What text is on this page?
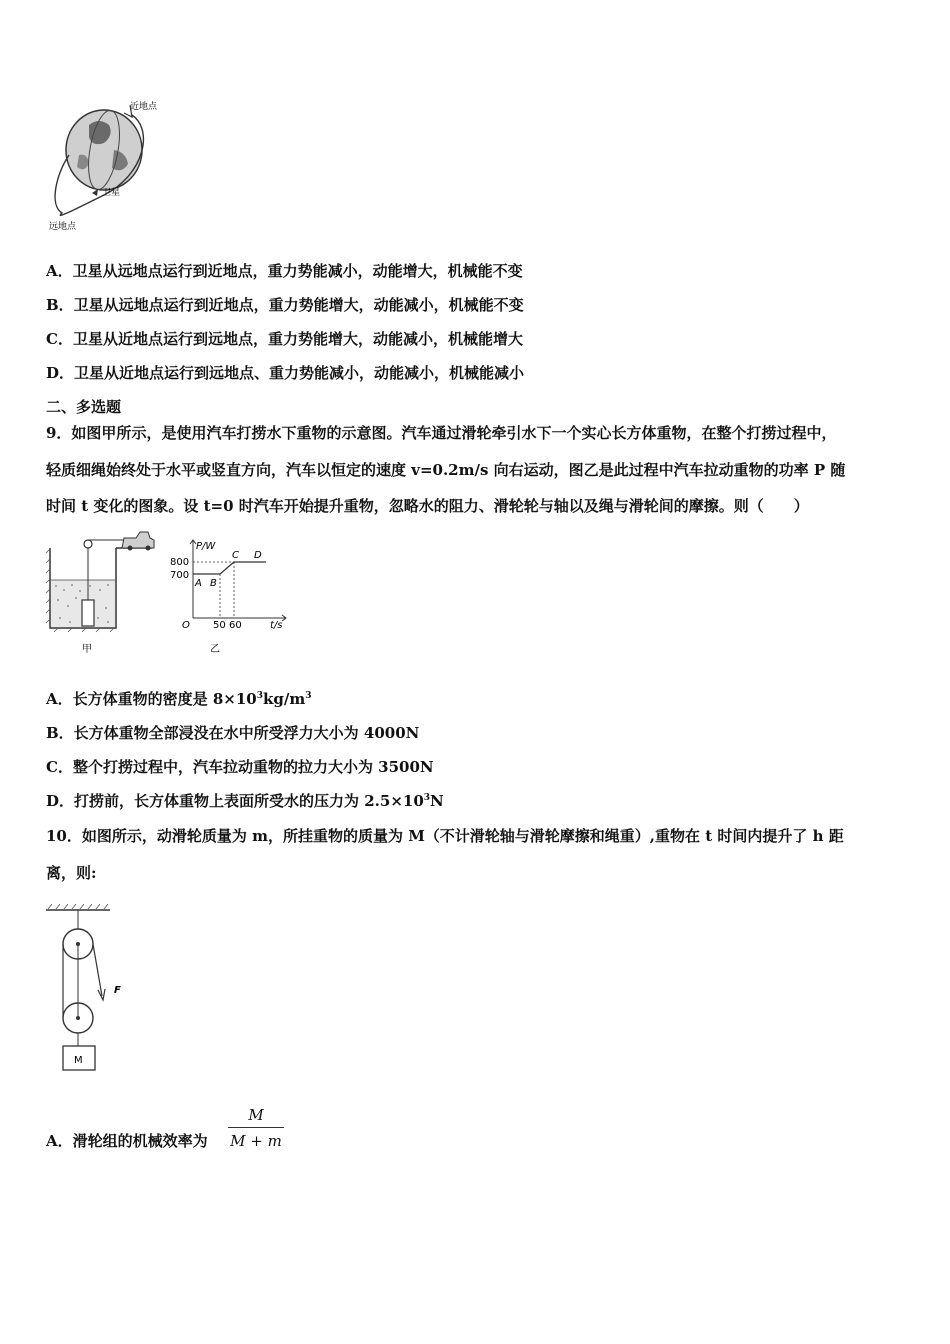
近地点
远地点
卫星
A．卫星从远地点运行到近地点，重力势能减小，动能增大，机械能不变
B．卫星从远地点运行到近地点，重力势能增大，动能减小，机械能不变
C．卫星从近地点运行到远地点，重力势能增大，动能减小，机械能增大
D．卫星从近地点运行到远地点、重力势能减小，动能减小，机械能减小
二、多选题
9．如图甲所示，是使用汽车打捞水下重物的示意图。汽车通过滑轮牵引水下一个实心长方体重物，在整个打捞过程中，
轻质细绳始终处于水平或竖直方向，汽车以恒定的速度 v=0.2m/s 向右运动，图乙是此过程中汽车拉动重物的功率 P 随
时间 t 变化的图象。设 t=0 时汽车开始提升重物，忽略水的阻力、滑轮轮与轴以及绳与滑轮间的摩擦。则（　　）
甲
P/W
t/s
O
800
700
50 60
A B
C D
乙
A．长方体重物的密度是 $8\times 10^3kg/m^3$
B．长方体重物全部浸没在水中所受浮力大小为 4000N
C．整个打捞过程中，汽车拉动重物的拉力大小为 3500N
D．打捞前，长方体重物上表面所受水的压力为 $2.5\times 10^3N$
10．如图所示，动滑轮质量为 m，所挂重物的质量为 M（不计滑轮轴与滑轮摩擦和绳重）,重物在 t 时间内提升了 h 距
离，则:
F
M
A．滑轮组的机械效率为
M
M + m
